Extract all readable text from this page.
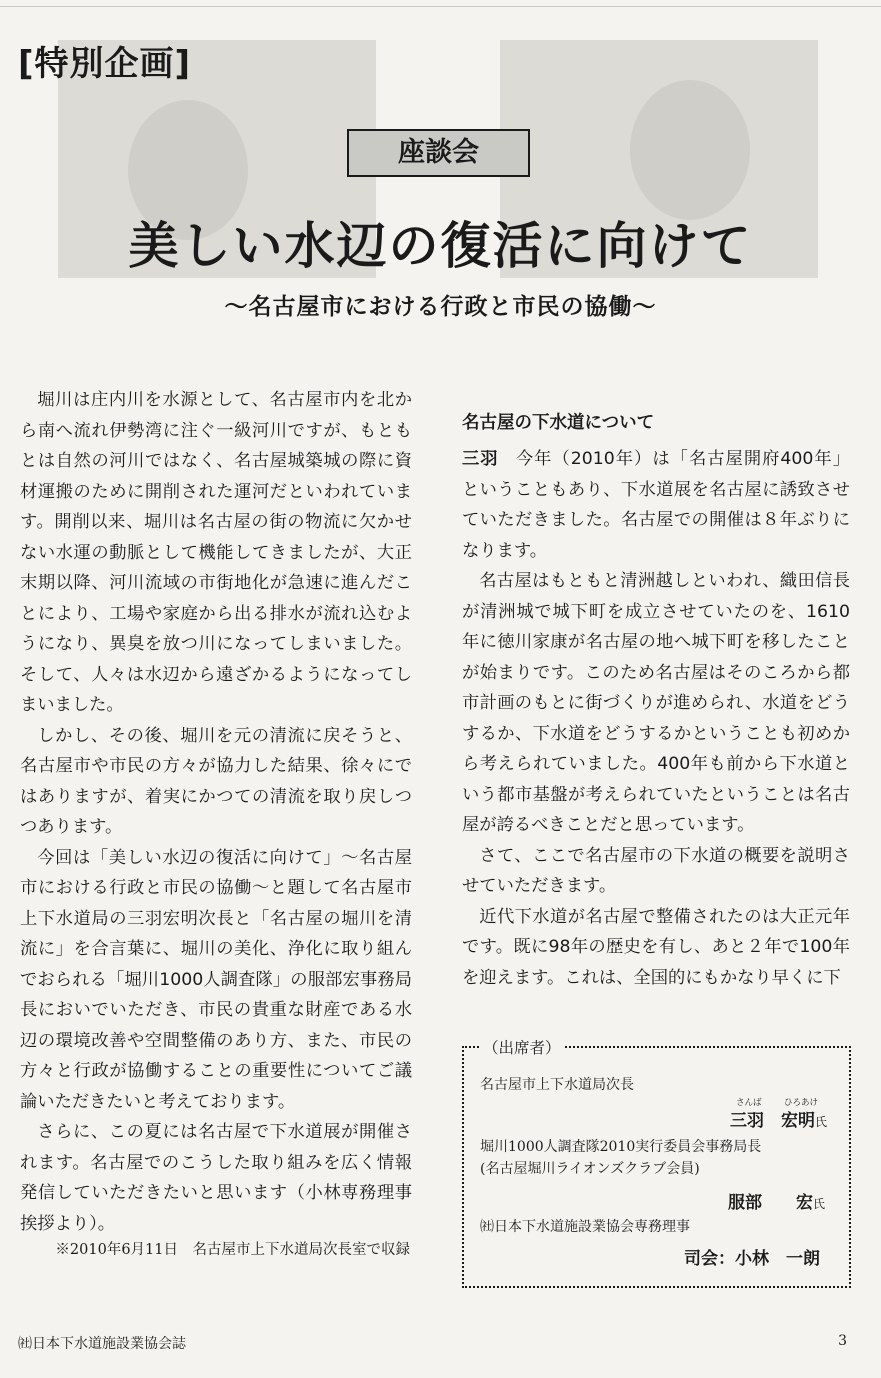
[特別企画]
座談会
美しい水辺の復活に向けて
～名古屋市における行政と市民の協働～

堀川は庄内川を水源として、名古屋市内を北から南へ流れ伊勢湾に注ぐ一級河川ですが、もともとは自然の河川ではなく、名古屋城築城の際に資材運搬のために開削された運河だといわれています。開削以来、堀川は名古屋の街の物流に欠かせない水運の動脈として機能してきましたが、大正末期以降、河川流域の市街地化が急速に進んだことにより、工場や家庭から出る排水が流れ込むようになり、異臭を放つ川になってしまいました。そして、人々は水辺から遠ざかるようになってしまいました。

しかし、その後、堀川を元の清流に戻そうと、名古屋市や市民の方々が協力した結果、徐々にではありますが、着実にかつての清流を取り戻しつつあります。

今回は「美しい水辺の復活に向けて」～名古屋市における行政と市民の協働～と題して名古屋市上下水道局の三羽宏明次長と「名古屋の堀川を清流に」を合言葉に、堀川の美化、浄化に取り組んでおられる「堀川1000人調査隊」の服部宏事務局長においでいただき、市民の貴重な財産である水辺の環境改善や空間整備のあり方、また、市民の方々と行政が協働することの重要性についてご議論いただきたいと考えております。

さらに、この夏には名古屋で下水道展が開催されます。名古屋でのこうした取り組みを広く情報発信していただきたいと思います（小林専務理事挨拶より）。

※2010年6月11日　名古屋市上下水道局次長室で収録
名古屋の下水道について

三羽 今年（2010年）は「名古屋開府400年」ということもあり、下水道展を名古屋に誘致させていただきました。名古屋での開催は８年ぶりになります。

名古屋はもともと清洲越しといわれ、織田信長が清洲城で城下町を成立させていたのを、1610年に徳川家康が名古屋の地へ城下町を移したことが始まりです。このため名古屋はそのころから都市計画のもとに街づくりが進められ、水道をどうするか、下水道をどうするかということも初めから考えられていました。400年も前から下水道という都市基盤が考えられていたということは名古屋が誇るべきことだと思っています。

さて、ここで名古屋市の下水道の概要を説明させていただきます。

近代下水道が名古屋で整備されたのは大正元年です。既に98年の歴史を有し、あと２年で100年を迎えます。これは、全国的にもかなり早くに下

（出席者）
名古屋市上下水道局次長
さんば	ひろあけ
三羽　宏明氏
堀川1000人調査隊2010実行委員会事務局長
(名古屋堀川ライオンズクラブ会員)
服部　　宏氏
㈳日本下水道施設業協会専務理事
司会：小林　一朗
㈳日本下水道施設業協会誌	3
